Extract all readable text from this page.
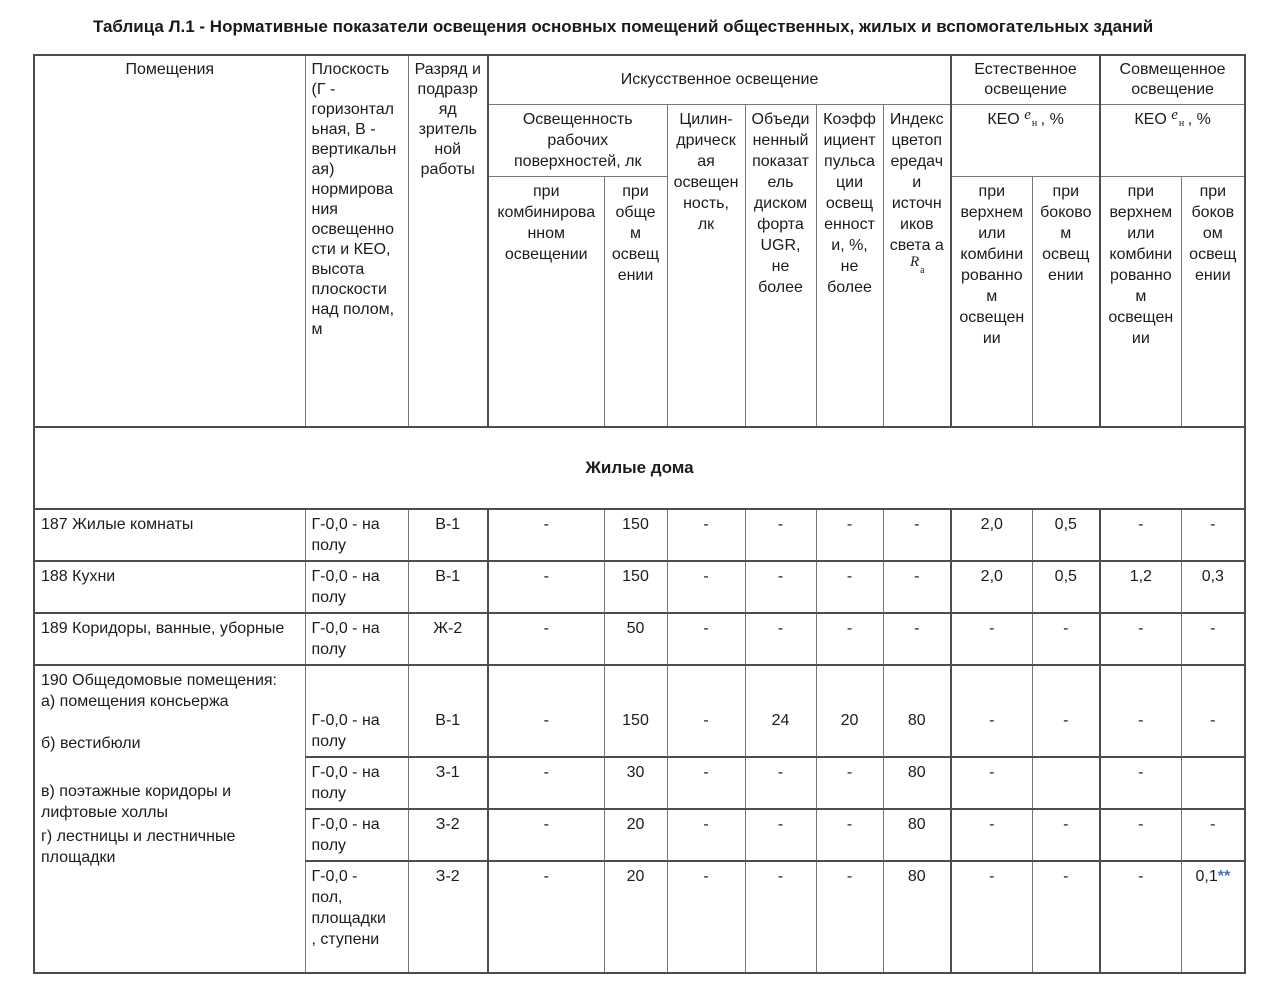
Таблица Л.1 - Нормативные показатели освещения основных помещений общественных, жилых и вспомогательных зданий

Помещения	Плоскость (Г - горизонтальная, В - вертикальная) нормирования освещенности и КЕО, высота плоскости над полом, м	Разряд и подразряд зрительной работы	Искусственное освещение						Естественное освещение		Совмещенное освещение	
			Освещенность рабочих поверхностей, лк		Цилин-дрическая освещенность, лк	Объединенный показатель дискомфорта UGR, не более	Коэффициент пульсации освещенности, %, не более	Индекс цветопередачи источников света а $R_a$	КЕО $e_н$ , %		КЕО $e_н$ , %	
			при комбинированном освещении	при общем освещении					при верхнем или комбинированном освещении	при боковом освещении	при верхнем или комбинированном освещении	при боковом освещении
Жилые дома												
187 Жилые комнаты	Г-0,0 - на полу	В-1	-	150	-	-	-	-	2,0	0,5	-	-
188 Кухни	Г-0,0 - на полу	В-1	-	150	-	-	-	-	2,0	0,5	1,2	0,3
189 Коридоры, ванные, уборные	Г-0,0 - на полу	Ж-2	-	50	-	-	-	-	-	-	-	-

190 Общедомовые помещения:
а) помещения консьержа
б) вестибюли
в) поэтажные коридоры и лифтовые холлы
г) лестницы и лестничные площадки	Г-0,0 - на полу	В-1	-	150	-	24	20	80	-	-	-	-
	Г-0,0 - на полу	З-1	-	30	-	-	-	80	-		-	
	Г-0,0 - на полу	З-2	-	20	-	-	-	80	-	-	-	-
	Г-0,0 - пол, площадки, ступени	З-2	-	20	-	-	-	80	-	-	-	0,1**
